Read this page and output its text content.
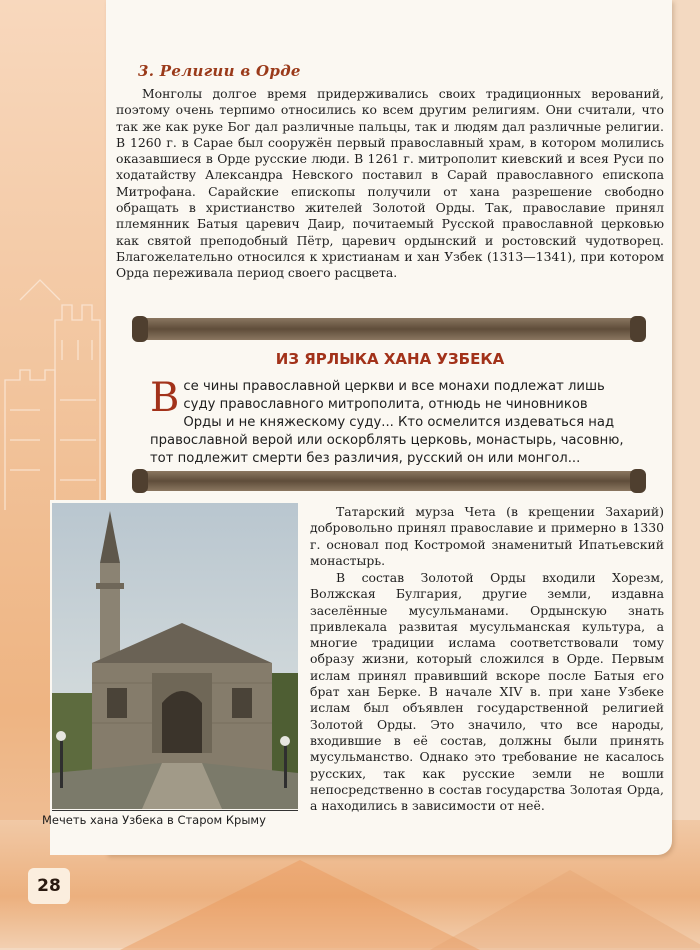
3. Религии в Орде

Монголы долгое время придерживались своих традиционных верований, поэтому очень терпимо относились ко всем другим религиям. Они считали, что так же как руке Бог дал различные пальцы, так и людям дал различные религии. В 1260 г. в Сарае был сооружён первый православный храм, в котором молились оказавшиеся в Орде русские люди. В 1261 г. митрополит киевский и всея Руси по ходатайству Александра Невского поставил в Сарай православного епископа Митрофана. Сарайские епископы получили от хана разрешение свободно обращать в христианство жителей Золотой Орды. Так, православие принял племянник Батыя царевич Даир, почитаемый Русской православной церковью как святой преподобный Пётр, царевич ордынский и ростовский чудотворец. Благожелательно относился к христианам и хан Узбек (1313—1341), при котором Орда переживала период своего расцвета.

ИЗ ЯРЛЫКА ХАНА УЗБЕКА

Все чины православной церкви и все монахи подлежат лишь суду православного митрополита, отнюдь не чиновников Орды и не княжескому суду... Кто осмелится издеваться над православной верой или оскорблять церковь, монастырь, часовню, тот подлежит смерти без различия, русский он или монгол...

Мечеть хана Узбека в Старом Крыму

Татарский мурза Чета (в крещении Захарий) добровольно принял православие и примерно в 1330 г. основал под Костромой знаменитый Ипатьевский монастырь.

В состав Золотой Орды входили Хорезм, Волжская Булгария, другие земли, издавна заселённые мусульманами. Ордынскую знать привлекала развитая мусульманская культура, а многие традиции ислама соответствовали тому образу жизни, который сложился в Орде. Первым ислам принял правивший вскоре после Батыя его брат хан Берке. В начале XIV в. при хане Узбеке ислам был объявлен государственной религией Золотой Орды. Это значило, что все народы, входившие в её состав, должны были принять мусульманство. Однако это требование не касалось русских, так как русские земли не вошли непосредственно в состав государства Золотая Орда, а находились в зависимости от неё.

28
